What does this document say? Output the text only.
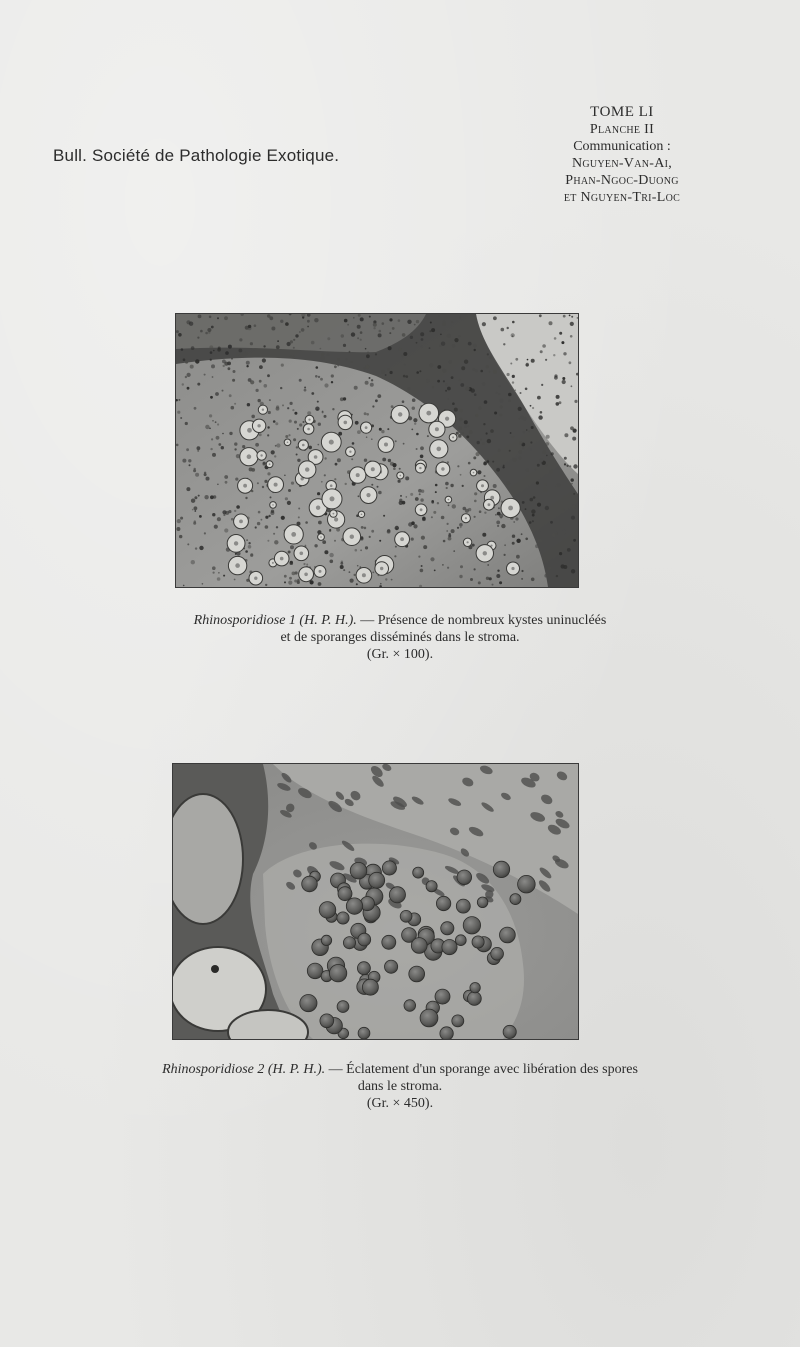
Bull. Société de Pathologie Exotique.
TOME LI
Planche II
Communication :
Nguyen-Van-Ai,
Phan-Ngoc-Duong
et Nguyen-Tri-Loc
Rhinosporidiose 1 (H. P. H.). — Présence de nombreux kystes uninucléés
et de sporanges disséminés dans le stroma.
(Gr. × 100).
Rhinosporidiose 2 (H. P. H.). — Éclatement d'un sporange avec libération des spores
dans le stroma.
(Gr. × 450).
